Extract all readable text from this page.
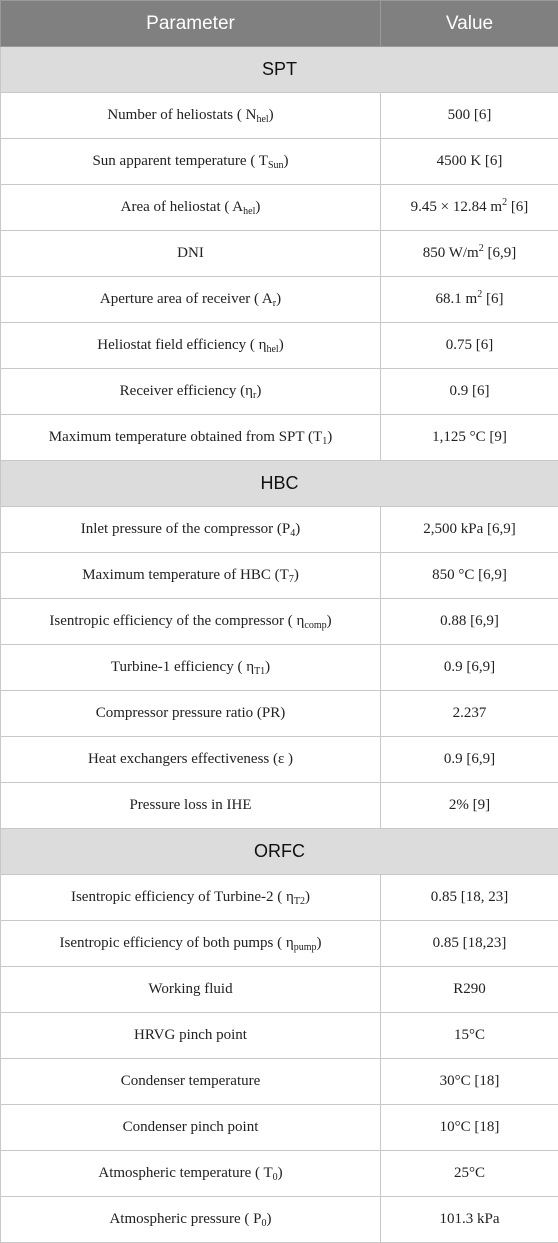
Parameter	Value
SPT	
Number of heliostats ( $N_{hel}$)	500 [6]
Sun apparent temperature ( $T_{Sun}$)	4500 K [6]
Area of heliostat ( $A_{hel}$)	9.45 × 12.84 $m^2$ [6]
DNI	850 $W/m^2$ [6,9]
Aperture area of receiver ( $A_r$)	68.1 $m^2$ [6]
Heliostat field efficiency ( $\eta_{hel}$)	0.75 [6]
Receiver efficiency $(\eta_r)$	0.9 [6]
Maximum temperature obtained from SPT $(T_1)$	1,125 °C [9]
HBC	
Inlet pressure of the compressor $(P_4)$	2,500 kPa [6,9]
Maximum temperature of HBC $(T_7)$	850 °C [6,9]
Isentropic efficiency of the compressor ( $\eta_{comp}$)	0.88 [6,9]
Turbine-1 efficiency ( $\eta_{T1}$)	0.9 [6,9]
Compressor pressure ratio (PR)	2.237
Heat exchangers effectiveness (ε )	0.9 [6,9]
Pressure loss in IHE	2% [9]
ORFC	
Isentropic efficiency of Turbine-2 ( $\eta_{T2}$)	0.85 [18, 23]
Isentropic efficiency of both pumps ( $\eta_{pump}$)	0.85 [18,23]
Working fluid	R290
HRVG pinch point	15°C
Condenser temperature	30°C [18]
Condenser pinch point	10°C [18]
Atmospheric temperature ( $T_0$)	25°C
Atmospheric pressure ( $P_0$)	101.3 kPa
